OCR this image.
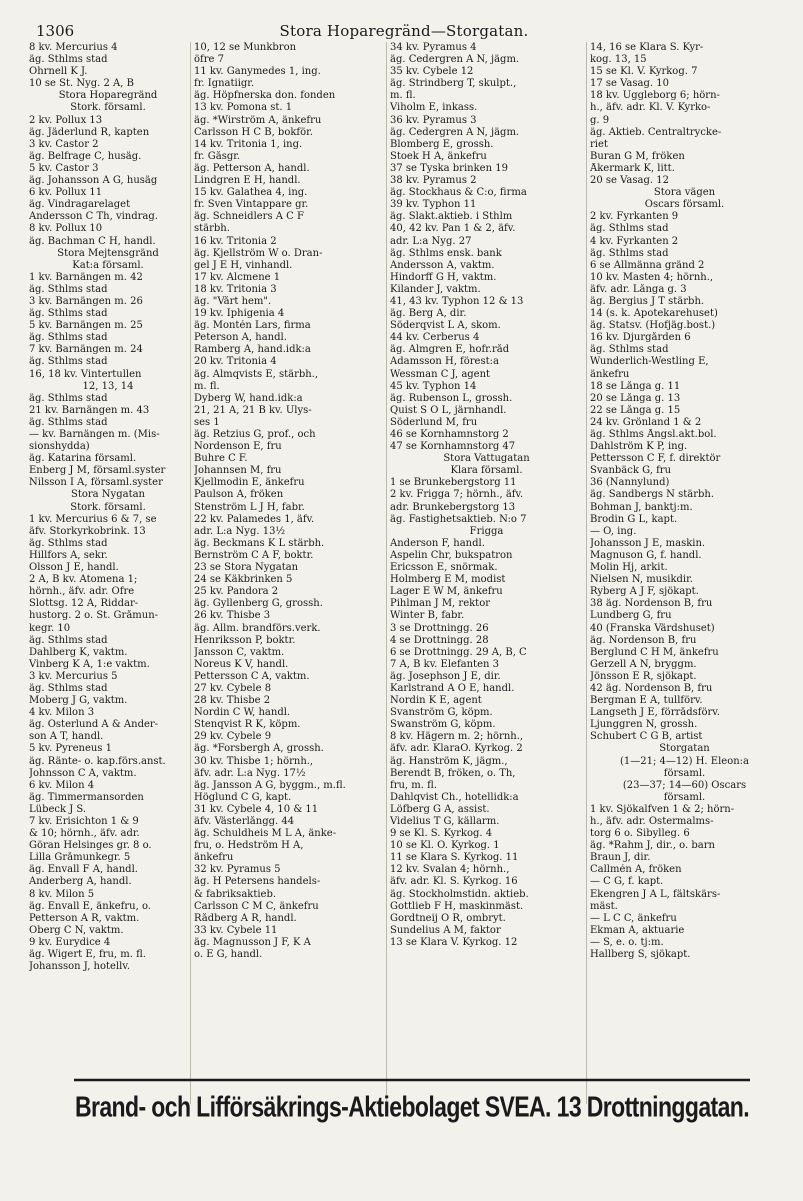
1306	Stora Hoparegränd—Storgatan.
8 kv. Mercurius 4
äg. Sthlms stad
Öhrnell K J.
10 se St. Nyg. 2 A, B
Stora Hoparegränd
Stork. församl.
2 kv. Pollux 13
äg. Jäderlund R, kapten
3 kv. Castor 2
äg. Belfrage C, husäg.
5 kv. Castor 3
äg. Johansson A G, husäg
6 kv. Pollux 11
äg. Vindragarelaget
Andersson C Th, vindrag.
8 kv. Pollux 10
äg. Bachman C H, handl.
Stora Mejtensgränd
Kat:a församl.
1 kv. Barnängen m. 42
äg. Sthlms stad
3 kv. Barnängen m. 26
äg. Sthlms stad
5 kv. Barnängen m. 25
äg. Sthlms stad
7 kv. Barnängen m. 24
äg. Sthlms stad
16, 18 kv. Vintertullen
12, 13, 14
äg. Sthlms stad
21 kv. Barnängen m. 43
äg. Sthlms stad
— kv. Barnängen m. (Mis-
sionshydda)
äg. Katarina församl.
Enberg J M, församl.syster
Nilsson I A, församl.syster
Stora Nygatan
Stork. församl.
1 kv. Mercurius 6 & 7, se
äfv. Storkyrkobrink. 13
äg. Sthlms stad
Hillfors A, sekr.
Olsson J E, handl.
2 A, B kv. Atomena 1;
hörnh., äfv. adr. Öfre
Slottsg. 12 A, Riddar-
hustorg. 2 o. St. Gråmun-
kegr. 10
äg. Sthlms stad
Dahlberg K, vaktm.
Vinberg K A, 1:e vaktm.
3 kv. Mercurius 5
äg. Sthlms stad
Moberg J G, vaktm.
4 kv. Milon 3
äg. Österlund A & Ander-
son A T, handl.
5 kv. Pyreneus 1
äg. Ränte- o. kap.förs.anst.
Johnsson C A, vaktm.
6 kv. Milon 4
äg. Timmermansorden
Lübeck J S.
7 kv. Erisichton 1 & 9
& 10; hörnh., äfv. adr.
Göran Helsinges gr. 8 o.
Lilla Gråmunkegr. 5
äg. Envall F A, handl.
Anderberg A, handl.
8 kv. Milon 5
äg. Envall E, änkefru, o.
Petterson A R, vaktm.
Öberg C N, vaktm.
9 kv. Eurydice 4
äg. Wigert E, fru, m. fl.
Johansson J, hotellv.
10, 12 se Munkbron
öfre 7
11 kv. Ganymedes 1, ing.
fr. Ignatiigr.
äg. Höpfnerska don. fonden
13 kv. Pomona st. 1
äg. *Wirström A, änkefru
Carlsson H C B, bokför.
14 kv. Tritonia 1, ing.
fr. Gåsgr.
äg. Petterson A, handl.
Lindgren E H, handl.
15 kv. Galathea 4, ing.
fr. Sven Vintappare gr.
äg. Schneidlers A C F
stärbh.
16 kv. Tritonia 2
äg. Kjellström W o. Dran-
gel J E H, vinhandl.
17 kv. Alcmene 1
18 kv. Tritonia 3
äg. "Vårt hem".
19 kv. Iphigenia 4
äg. Montén Lars, firma
Peterson A, handl.
Ramberg A, hand.idk:a
20 kv. Tritonia 4
äg. Almqvists E, stärbh.,
m. fl.
Dyberg W, hand.idk:a
21, 21 A, 21 B kv. Ulys-
ses 1
äg. Retzius G, prof., och
Nordenson E, fru
Buhre C F.
Johannsen M, fru
Kjellmodin E, änkefru
Paulson A, fröken
Stenström L J H, fabr.
22 kv. Palamedes 1, äfv.
adr. L:a Nyg. 13½
äg. Beckmans K L stärbh.
Bernström C A F, boktr.
23 se Stora Nygatan
24 se Käkbrinken 5
25 kv. Pandora 2
äg. Gyllenberg G, grossh.
26 kv. Thisbe 3
äg. Allm. brandförs.verk.
Henriksson P, boktr.
Jansson C, vaktm.
Noreus K V, handl.
Pettersson C A, vaktm.
27 kv. Cybele 8
28 kv. Thisbe 2
Nordin C W, handl.
Stenqvist R K, köpm.
29 kv. Cybele 9
äg. *Forsbergh A, grossh.
30 kv. Thisbe 1; hörnh.,
äfv. adr. L:a Nyg. 17½
äg. Jansson A G, byggm., m.fl.
Höglund C G, kapt.
31 kv. Cybele 4, 10 & 11
äfv. Västerlångg. 44
äg. Schuldheis M L A, änke-
fru, o. Hedström H A,
änkefru
32 kv. Pyramus 5
äg. H Petersens handels-
& fabriksaktieb.
Carlsson C M C, änkefru
Rådberg A R, handl.
33 kv. Cybele 11
äg. Magnusson J F, K A
o. E G, handl.
34 kv. Pyramus 4
äg. Cedergren A N, jägm.
35 kv. Cybele 12
äg. Strindberg T, skulpt.,
m. fl.
Viholm E, inkass.
36 kv. Pyramus 3
äg. Cedergren A N, jägm.
Blomberg E, grossh.
Stoek H A, änkefru
37 se Tyska brinken 19
38 kv. Pyramus 2
äg. Stockhaus & C:o, firma
39 kv. Typhon 11
äg. Slakt.aktieb. i Sthlm
40, 42 kv. Pan 1 & 2, äfv.
adr. L:a Nyg. 27
äg. Sthlms ensk. bank
Andersson A, vaktm.
Hindorff G H, vaktm.
Kilander J, vaktm.
41, 43 kv. Typhon 12 & 13
äg. Berg A, dir.
Söderqvist L A, skom.
44 kv. Cerberus 4
äg. Almgren E, hofr.råd
Adamsson H, förest:a
Wessman C J, agent
45 kv. Typhon 14
äg. Rubenson L, grossh.
Quist S O L, järnhandl.
Söderlund M, fru
46 se Kornhamnstorg 2
47 se Kornhamnstorg 47
Stora Vattugatan
Klara församl.
1 se Brunkebergstorg 11
2 kv. Frigga 7; hörnh., äfv.
adr. Brunkebergstorg 13
äg. Fastighetsaktieb. N:o 7
Frigga
Anderson F, handl.
Aspelin Chr, bukspatron
Ericsson E, snörmak.
Holmberg E M, modist
Lager E W M, änkefru
Pihlman J M, rektor
Winter B, fabr.
3 se Drottningg. 26
4 se Drottningg. 28
6 se Drottningg. 29 A, B, C
7 A, B kv. Elefanten 3
äg. Josephson J E, dir.
Karlstrand A O E, handl.
Nordin K E, agent
Svanström G, köpm.
Swanström G, köpm.
8 kv. Hägern m. 2; hörnh.,
äfv. adr. KlaraÖ. Kyrkog. 2
äg. Hanström K, jägm.,
Berendt B, fröken, o. Th,
fru, m. fl.
Dahlqvist Ch., hotellidk:a
Löfberg G A, assist.
Videlius T G, källarm.
9 se Kl. S. Kyrkog. 4
10 se Kl. Ö. Kyrkog. 1
11 se Klara S. Kyrkog. 11
12 kv. Svalan 4; hörnh.,
äfv. adr. Kl. S. Kyrkog. 16
äg. Stockholmstidn. aktieb.
Gottlieb F H, maskinmäst.
Gordtneij O R, ombryt.
Sundelius A M, faktor
13 se Klara V. Kyrkog. 12
14, 16 se Klara S. Kyr-
kog. 13, 15
15 se Kl. V. Kyrkog. 7
17 se Vasag. 10
18 kv. Uggleborg 6; hörn-
h., äfv. adr. Kl. V. Kyrko-
g. 9
äg. Aktieb. Centraltrycke-
riet
Buran G M, fröken
Åkermark K, litt.
20 se Vasag. 12
Stora vägen
Oscars församl.
2 kv. Fyrkanten 9
äg. Sthlms stad
4 kv. Fyrkanten 2
äg. Sthlms stad
6 se Allmänna gränd 2
10 kv. Masten 4; hörnh.,
äfv. adr. Långa g. 3
äg. Bergius J T stärbh.
14 (s. k. Apotekarehuset)
äg. Statsv. (Hofjäg.bost.)
16 kv. Djurgården 6
äg. Sthlms stad
Wunderlich-Westling E,
änkefru
18 se Långa g. 11
20 se Långa g. 13
22 se Långa g. 15
24 kv. Grönland 1 & 2
äg. Sthlms Ångsl.akt.bol.
Dahlström K P, ing.
Pettersson C F, f. direktör
Svanbäck G, fru
36 (Nannylund)
äg. Sandbergs N stärbh.
Bohman J, banktj:m.
Brodin G L, kapt.
— O, ing.
Johansson J E, maskin.
Magnuson G, f. handl.
Molin Hj, arkit.
Nielsen N, musikdir.
Ryberg A J F, sjökapt.
38 äg. Nordenson B, fru
Lundberg G, fru
40 (Franska Värdshuset)
äg. Nordenson B, fru
Berglund C H M, änkefru
Gerzell A N, bryggm.
Jönsson E R, sjökapt.
42 äg. Nordenson B, fru
Bergman E A, tullförv.
Langseth J E, förrådsförv.
Ljunggren N, grossh.
Schubert C G B, artist
Storgatan
(1—21; 4—12) H. Eleon:a
församl.
(23—37; 14—60) Oscars
församl.
1 kv. Sjökalfven 1 & 2; hörn-
h., äfv. adr. Östermalms-
torg 6 o. Sibylleg. 6
äg. *Rahm J, dir., o. barn
Braun J, dir.
Callmén A, fröken
— C G, f. kapt.
Ekengren J A L, fältskärs-
mäst.
— L C C, änkefru
Ekman A, aktuarie
— S, e. o. tj:m.
Hallberg S, sjökapt.
Brand- och Lifförsäkrings-Aktiebolaget SVEA. 13 Drottninggatan.
